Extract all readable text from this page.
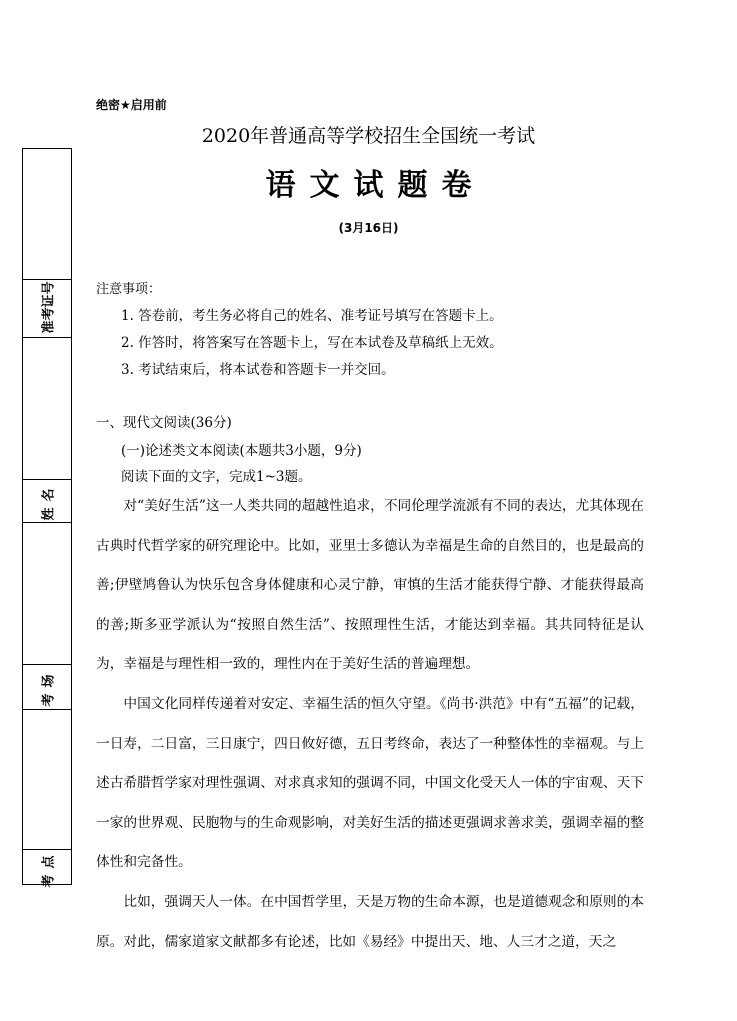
准考证号
姓名
考场
考点
绝密★启用前
2020年普通高等学校招生全国统一考试
语文试题卷
(3月16日)
注意事项：
1. 答卷前，考生务必将自己的姓名、准考证号填写在答题卡上。
2. 作答时，将答案写在答题卡上，写在本试卷及草稿纸上无效。
3. 考试结束后，将本试卷和答题卡一并交回。
一、现代文阅读(36分)
(一)论述类文本阅读(本题共3小题，9分)
阅读下面的文字，完成1~3题。

对“美好生活”这一人类共同的超越性追求，不同伦理学流派有不同的表达，尤其体现在古典时代哲学家的研究理论中。比如，亚里士多德认为幸福是生命的自然目的，也是最高的善;伊壁鸠鲁认为快乐包含身体健康和心灵宁静，审慎的生活才能获得宁静、才能获得最高的善;斯多亚学派认为“按照自然生活”、按照理性生活，才能达到幸福。其共同特征是认为，幸福是与理性相一致的，理性内在于美好生活的普遍理想。

中国文化同样传递着对安定、幸福生活的恒久守望。《尚书·洪范》中有“五福”的记载，一日寿，二日富，三日康宁，四日攸好德，五日考终命，表达了一种整体性的幸福观。与上述古希腊哲学家对理性强调、对求真求知的强调不同，中国文化受天人一体的宇宙观、天下一家的世界观、民胞物与的生命观影响，对美好生活的描述更强调求善求美，强调幸福的整体性和完备性。

比如，强调天人一体。在中国哲学里，天是万物的生命本源，也是道德观念和原则的本原。对此，儒家道家文献都多有论述，比如《易经》中提出天、地、人三才之道，天之
